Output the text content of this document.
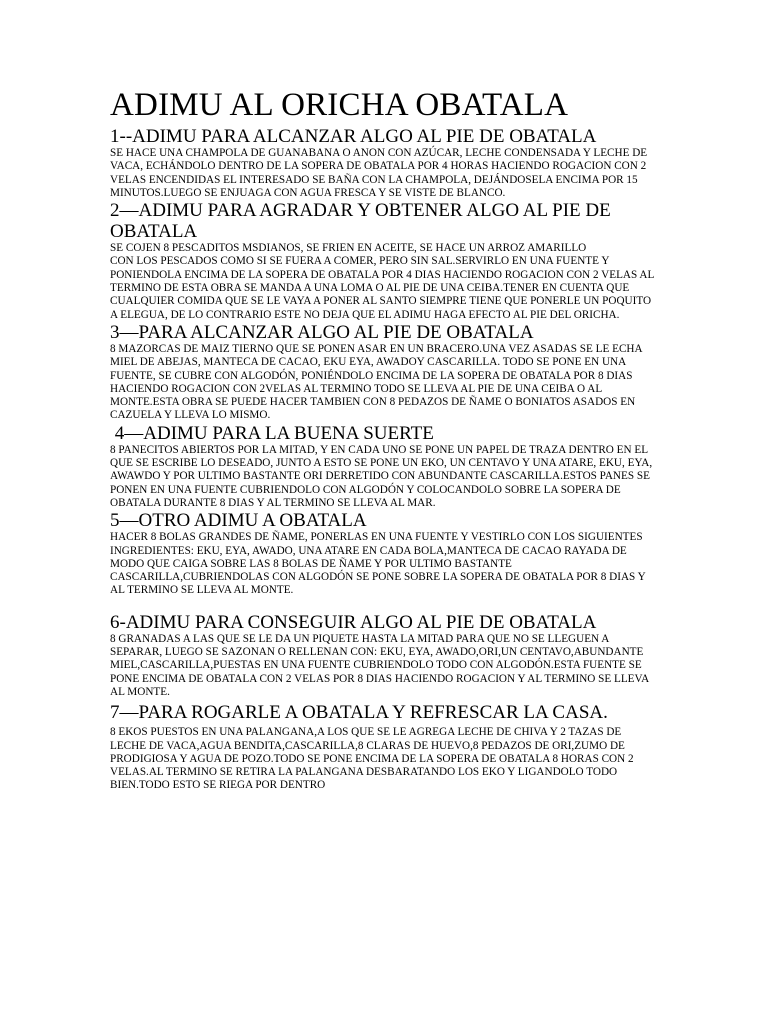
ADIMU AL ORICHA OBATALA
1--ADIMU PARA ALCANZAR ALGO AL PIE DE OBATALA

SE HACE UNA CHAMPOLA DE GUANABANA O ANON CON AZÚCAR, LECHE CONDENSADA Y LECHE DE VACA, ECHÁNDOLO DENTRO DE LA SOPERA DE OBATALA POR 4 HORAS HACIENDO ROGACION CON 2 VELAS ENCENDIDAS EL INTERESADO SE BAÑA CON LA CHAMPOLA, DEJÁNDOSELA ENCIMA POR 15 MINUTOS.LUEGO SE ENJUAGA CON AGUA FRESCA Y SE VISTE DE BLANCO.

2—ADIMU PARA AGRADAR Y OBTENER ALGO AL PIE DE OBATALA

SE COJEN 8 PESCADITOS MSDIANOS, SE FRIEN EN ACEITE, SE HACE UN ARROZ AMARILLO

CON LOS PESCADOS COMO SI SE FUERA A COMER, PERO SIN SAL.SERVIRLO EN UNA FUENTE Y PONIENDOLA ENCIMA DE LA SOPERA DE OBATALA POR 4 DIAS HACIENDO ROGACION CON 2 VELAS AL TERMINO DE ESTA OBRA SE MANDA A UNA LOMA O AL PIE DE UNA CEIBA.TENER EN CUENTA QUE CUALQUIER COMIDA QUE SE LE VAYA A PONER AL SANTO SIEMPRE TIENE QUE PONERLE UN POQUITO A ELEGUA, DE LO CONTRARIO ESTE NO DEJA QUE EL ADIMU HAGA EFECTO AL PIE DEL ORICHA.

3—PARA ALCANZAR ALGO AL PIE DE OBATALA

8 MAZORCAS DE MAIZ TIERNO QUE SE PONEN ASAR EN UN BRACERO.UNA VEZ ASADAS SE LE ECHA MIEL DE ABEJAS, MANTECA DE CACAO, EKU EYA, AWADOY CASCARILLA. TODO SE PONE EN UNA FUENTE, SE CUBRE CON ALGODÓN, PONIÉNDOLO ENCIMA DE LA SOPERA DE OBATALA POR 8 DIAS HACIENDO ROGACION CON 2VELAS AL TERMINO TODO SE LLEVA AL PIE DE UNA CEIBA O AL MONTE.ESTA OBRA SE PUEDE HACER TAMBIEN CON 8 PEDAZOS DE ÑAME O BONIATOS ASADOS EN CAZUELA Y LLEVA LO MISMO.

4—ADIMU PARA LA BUENA SUERTE

8 PANECITOS ABIERTOS POR LA MITAD, Y EN CADA UNO SE PONE UN PAPEL DE TRAZA DENTRO EN EL QUE SE ESCRIBE LO DESEADO, JUNTO A ESTO SE PONE UN EKO, UN CENTAVO Y UNA ATARE, EKU, EYA, AWAWDO Y POR ULTIMO BASTANTE ORI DERRETIDO CON ABUNDANTE CASCARILLA.ESTOS PANES SE PONEN EN UNA FUENTE CUBRIENDOLO CON ALGODÓN Y COLOCANDOLO SOBRE LA SOPERA DE OBATALA DURANTE 8 DIAS Y AL TERMINO SE LLEVA AL MAR.

5—OTRO ADIMU A OBATALA

HACER 8 BOLAS GRANDES DE ÑAME, PONERLAS EN UNA FUENTE Y VESTIRLO CON LOS SIGUIENTES INGREDIENTES: EKU, EYA, AWADO, UNA ATARE EN CADA BOLA,MANTECA DE CACAO RAYADA DE MODO QUE CAIGA SOBRE LAS 8 BOLAS DE ÑAME Y POR ULTIMO BASTANTE CASCARILLA,CUBRIENDOLAS CON ALGODÓN SE PONE SOBRE LA SOPERA DE OBATALA POR 8 DIAS Y AL TERMINO SE LLEVA AL MONTE.

6-ADIMU PARA CONSEGUIR ALGO AL PIE DE OBATALA

8 GRANADAS A LAS QUE SE LE DA UN PIQUETE HASTA LA MITAD PARA QUE NO SE LLEGUEN A SEPARAR, LUEGO SE SAZONAN O RELLENAN CON: EKU, EYA, AWADO,ORI,UN CENTAVO,ABUNDANTE MIEL,CASCARILLA,PUESTAS EN UNA FUENTE CUBRIENDOLO TODO CON ALGODÓN.ESTA FUENTE SE PONE ENCIMA DE OBATALA CON 2 VELAS POR 8 DIAS HACIENDO ROGACION Y AL TERMINO SE LLEVA AL MONTE.

7—PARA ROGARLE A OBATALA Y REFRESCAR LA CASA.

8 EKOS PUESTOS EN UNA PALANGANA,A LOS QUE SE LE AGREGA LECHE DE CHIVA Y 2 TAZAS DE LECHE DE VACA,AGUA BENDITA,CASCARILLA,8 CLARAS DE HUEVO,8 PEDAZOS DE ORI,ZUMO DE PRODIGIOSA Y AGUA DE POZO.TODO SE PONE ENCIMA DE LA SOPERA DE OBATALA 8 HORAS CON 2 VELAS.AL TERMINO SE RETIRA LA PALANGANA DESBARATANDO LOS EKO Y LIGANDOLO TODO BIEN.TODO ESTO SE RIEGA POR DENTRO
